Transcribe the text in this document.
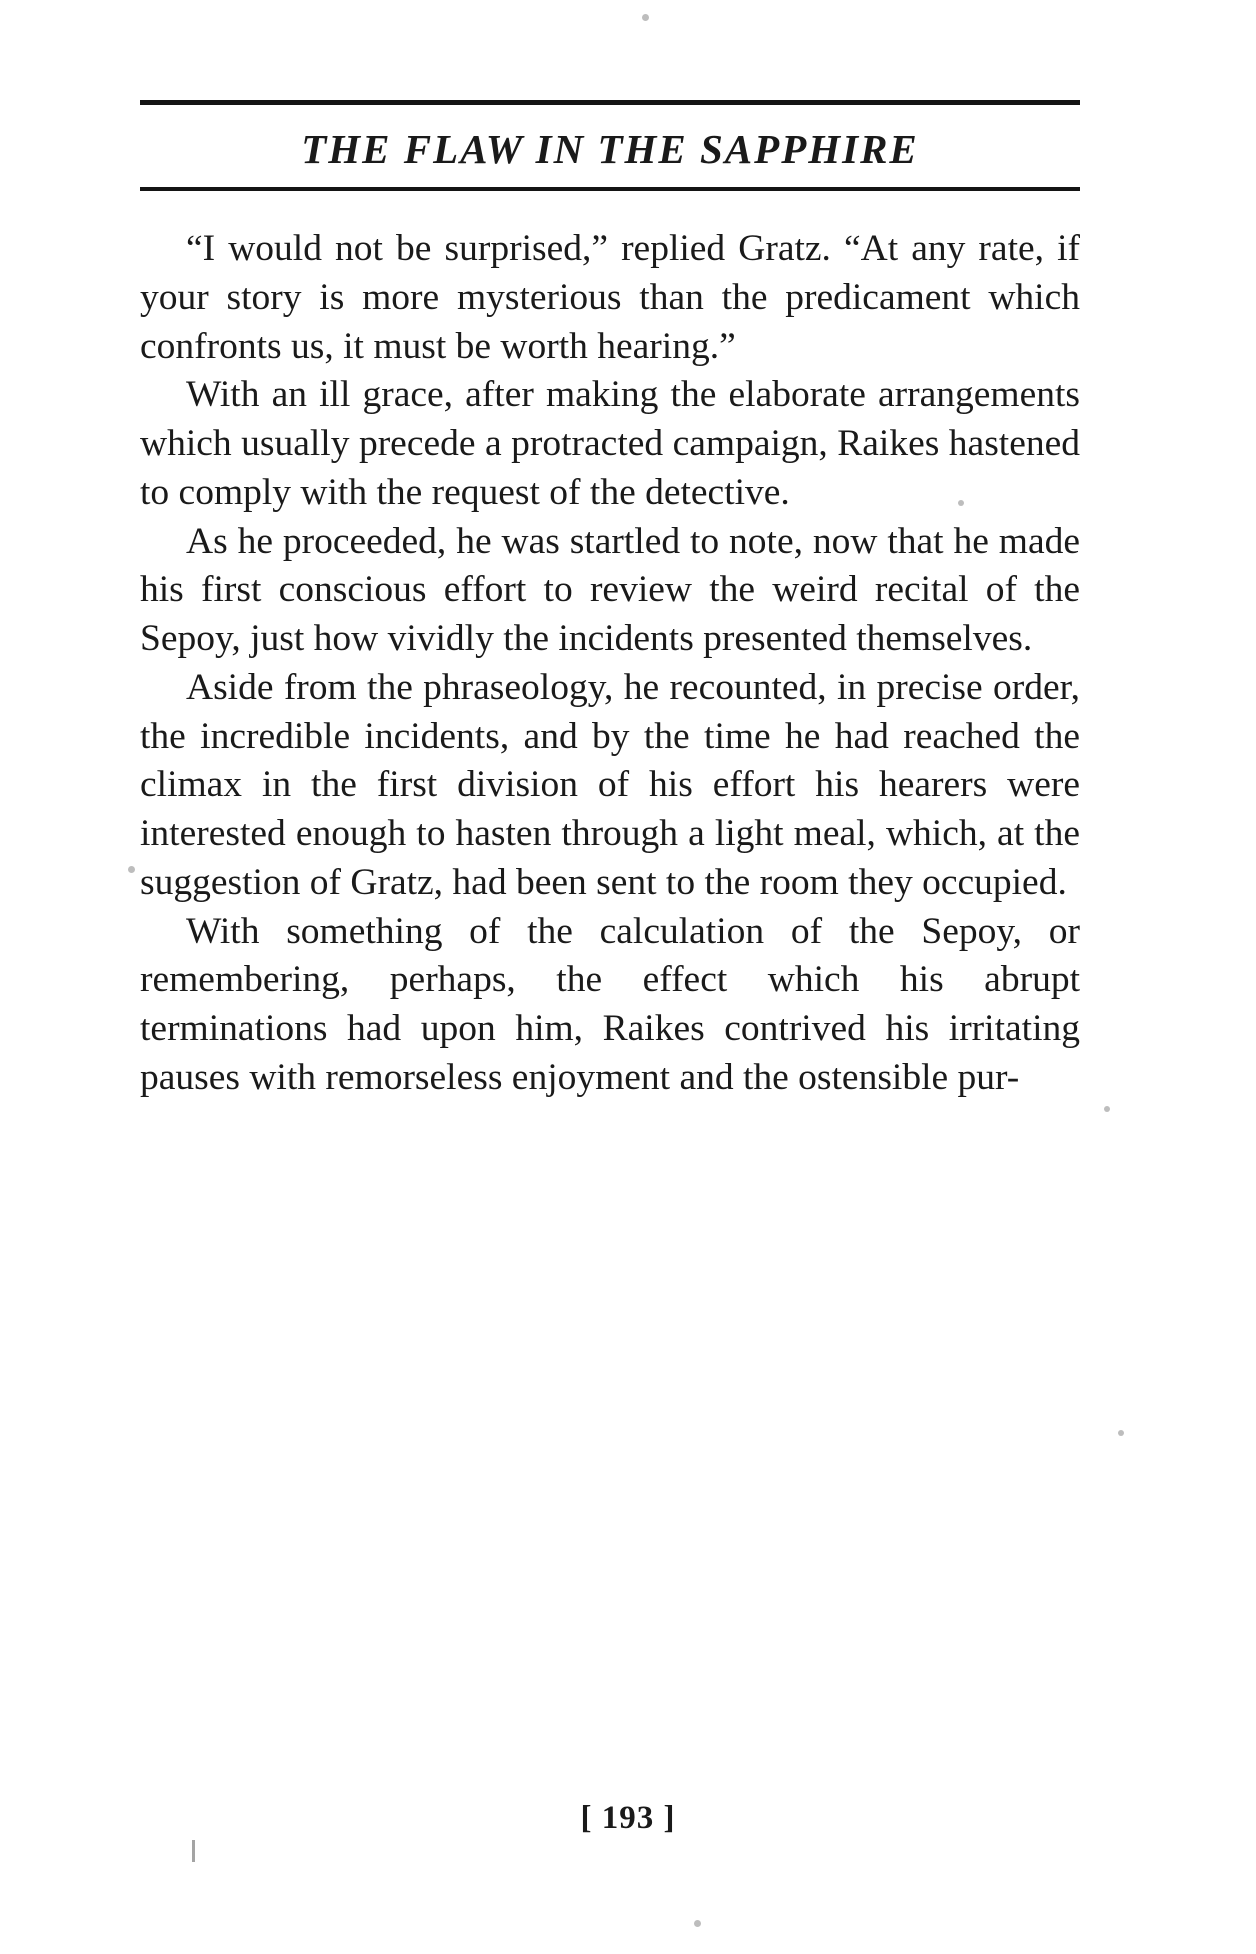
THE FLAW IN THE SAPPHIRE

“I would not be surprised,” replied Gratz. “At any rate, if your story is more mysterious than the predicament which confronts us, it must be worth hearing.”

With an ill grace, after making the elaborate arrangements which usually precede a protracted campaign, Raikes hastened to comply with the request of the detective.

As he proceeded, he was startled to note, now that he made his first conscious effort to review the weird recital of the Sepoy, just how vividly the incidents presented themselves.

Aside from the phraseology, he recounted, in precise order, the incredible incidents, and by the time he had reached the climax in the first division of his effort his hearers were interested enough to hasten through a light meal, which, at the suggestion of Gratz, had been sent to the room they occupied.

With something of the calculation of the Sepoy, or remembering, perhaps, the effect which his abrupt terminations had upon him, Raikes contrived his irritating pauses with remorseless enjoyment and the ostensible pur-

[ 193 ]
